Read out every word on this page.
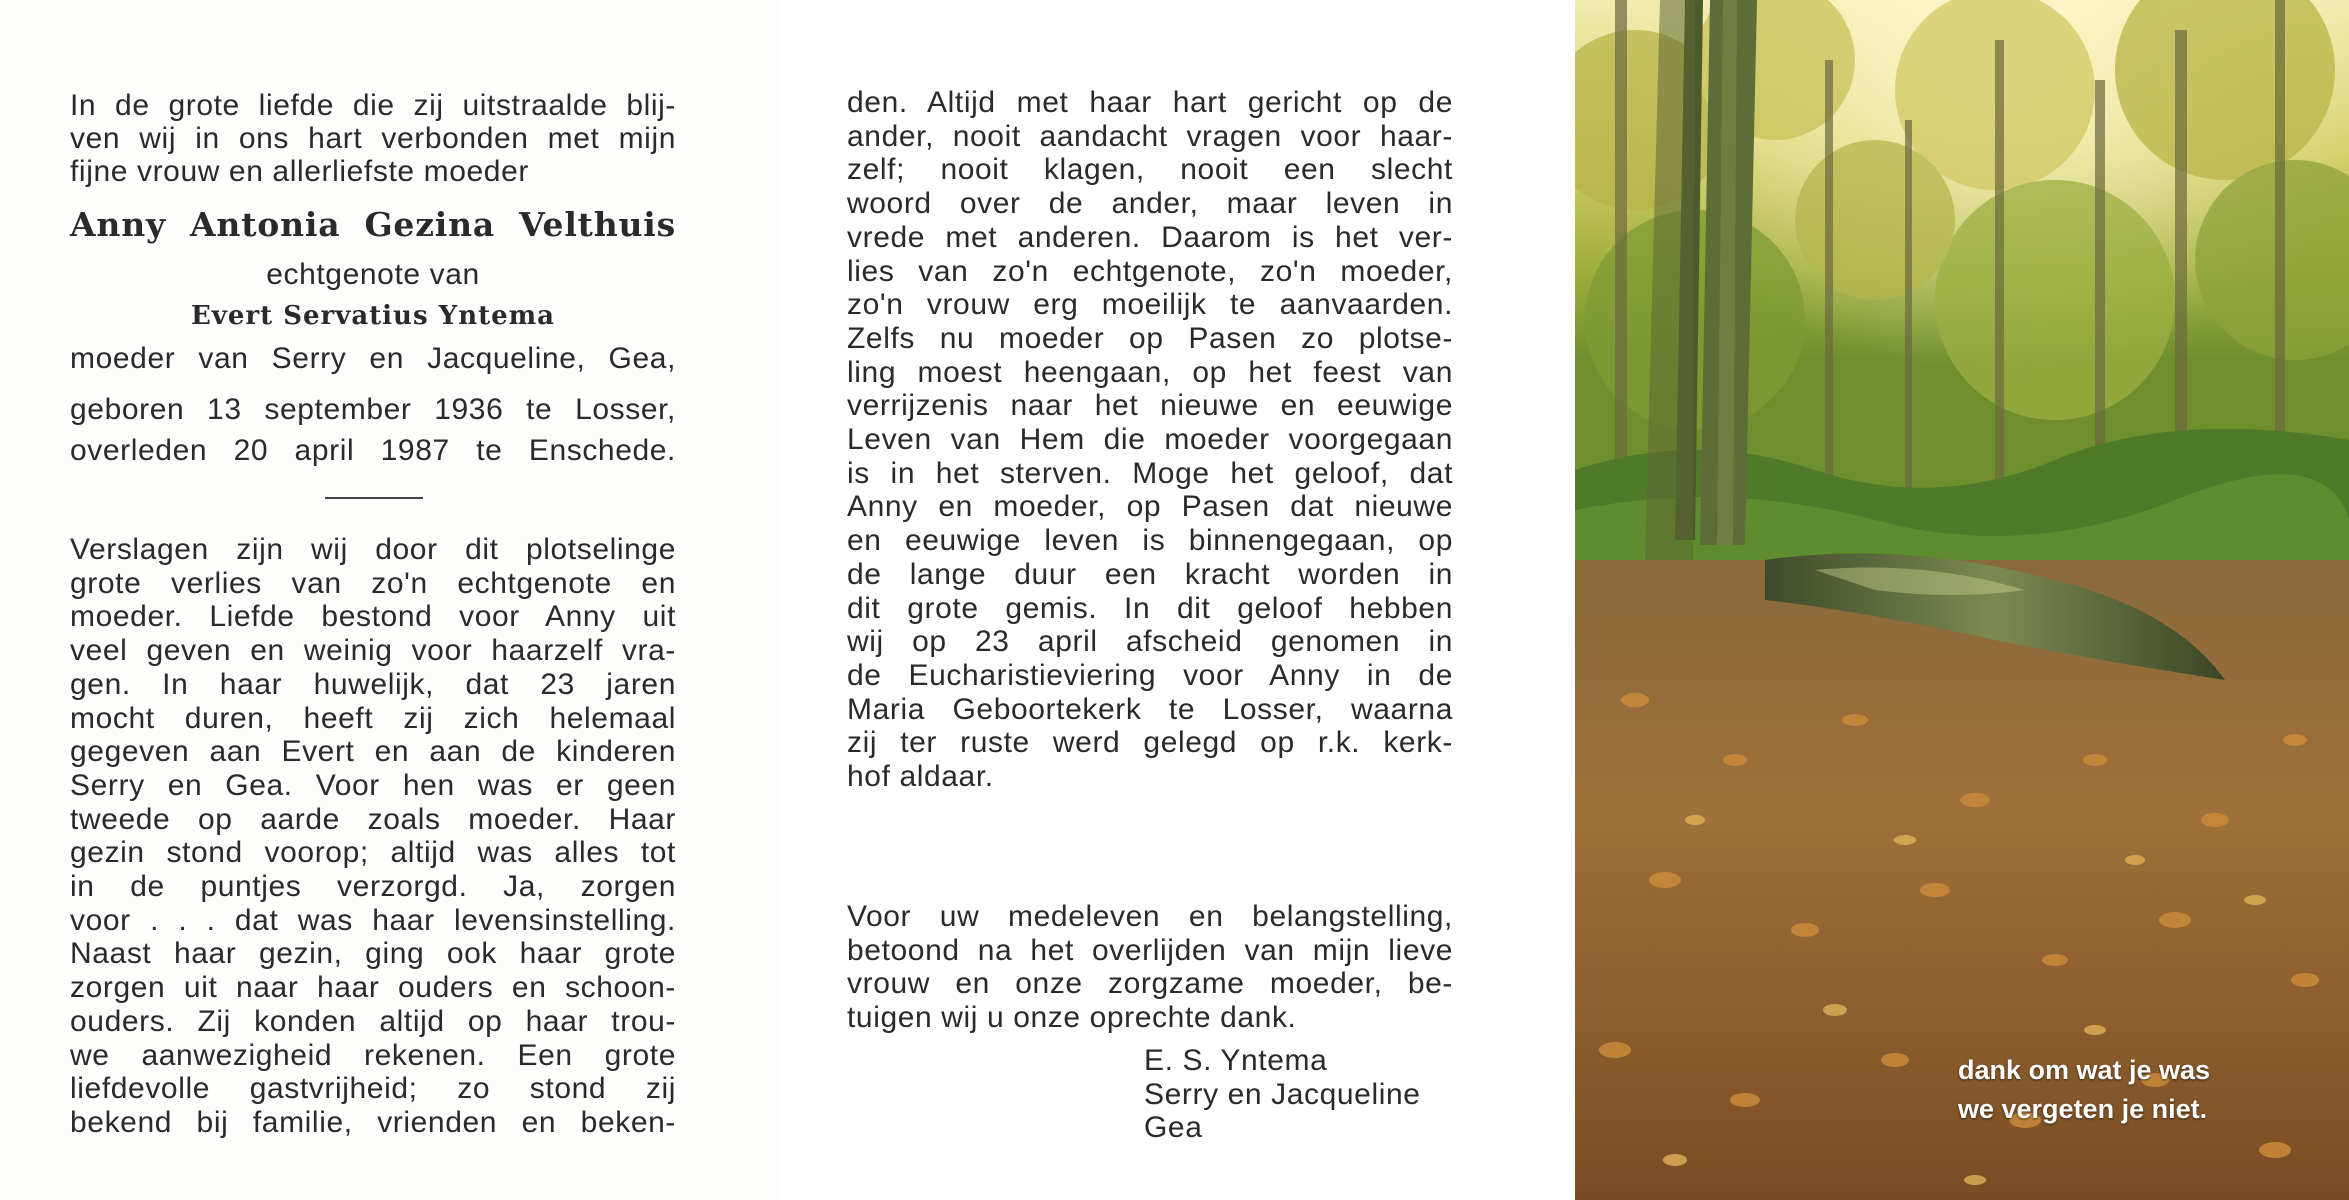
In de grote liefde die zij uitstraalde blij-
ven wij in ons hart verbonden met mijn
fijne vrouw en allerliefste moeder
Anny Antonia Gezina Velthuis
echtgenote van
Evert Servatius Yntema
moeder van Serry en Jacqueline, Gea,
geboren 13 september 1936 te Losser,
overleden 20 april 1987 te Enschede.
Verslagen zijn wij door dit plotselinge
grote verlies van zo'n echtgenote en
moeder. Liefde bestond voor Anny uit
veel geven en weinig voor haarzelf vra-
gen. In haar huwelijk, dat 23 jaren
mocht duren, heeft zij zich helemaal
gegeven aan Evert en aan de kinderen
Serry en Gea. Voor hen was er geen
tweede op aarde zoals moeder. Haar
gezin stond voorop; altijd was alles tot
in de puntjes verzorgd. Ja, zorgen
voor . . . dat was haar levensinstelling.
Naast haar gezin, ging ook haar grote
zorgen uit naar haar ouders en schoon-
ouders. Zij konden altijd op haar trou-
we aanwezigheid rekenen. Een grote
liefdevolle gastvrijheid; zo stond zij
bekend bij familie, vrienden en beken-
den. Altijd met haar hart gericht op de
ander, nooit aandacht vragen voor haar-
zelf; nooit klagen, nooit een slecht
woord over de ander, maar leven in
vrede met anderen. Daarom is het ver-
lies van zo'n echtgenote, zo'n moeder,
zo'n vrouw erg moeilijk te aanvaarden.
Zelfs nu moeder op Pasen zo plotse-
ling moest heengaan, op het feest van
verrijzenis naar het nieuwe en eeuwige
Leven van Hem die moeder voorgegaan
is in het sterven. Moge het geloof, dat
Anny en moeder, op Pasen dat nieuwe
en eeuwige leven is binnengegaan, op
de lange duur een kracht worden in
dit grote gemis. In dit geloof hebben
wij op 23 april afscheid genomen in
de Eucharistieviering voor Anny in de
Maria Geboortekerk te Losser, waarna
zij ter ruste werd gelegd op r.k. kerk-
hof aldaar.
Voor uw medeleven en belangstelling,
betoond na het overlijden van mijn lieve
vrouw en onze zorgzame moeder, be-
tuigen wij u onze oprechte dank.
E. S. Yntema
Serry en Jacqueline
Gea
dank om wat je was
we vergeten je niet.
